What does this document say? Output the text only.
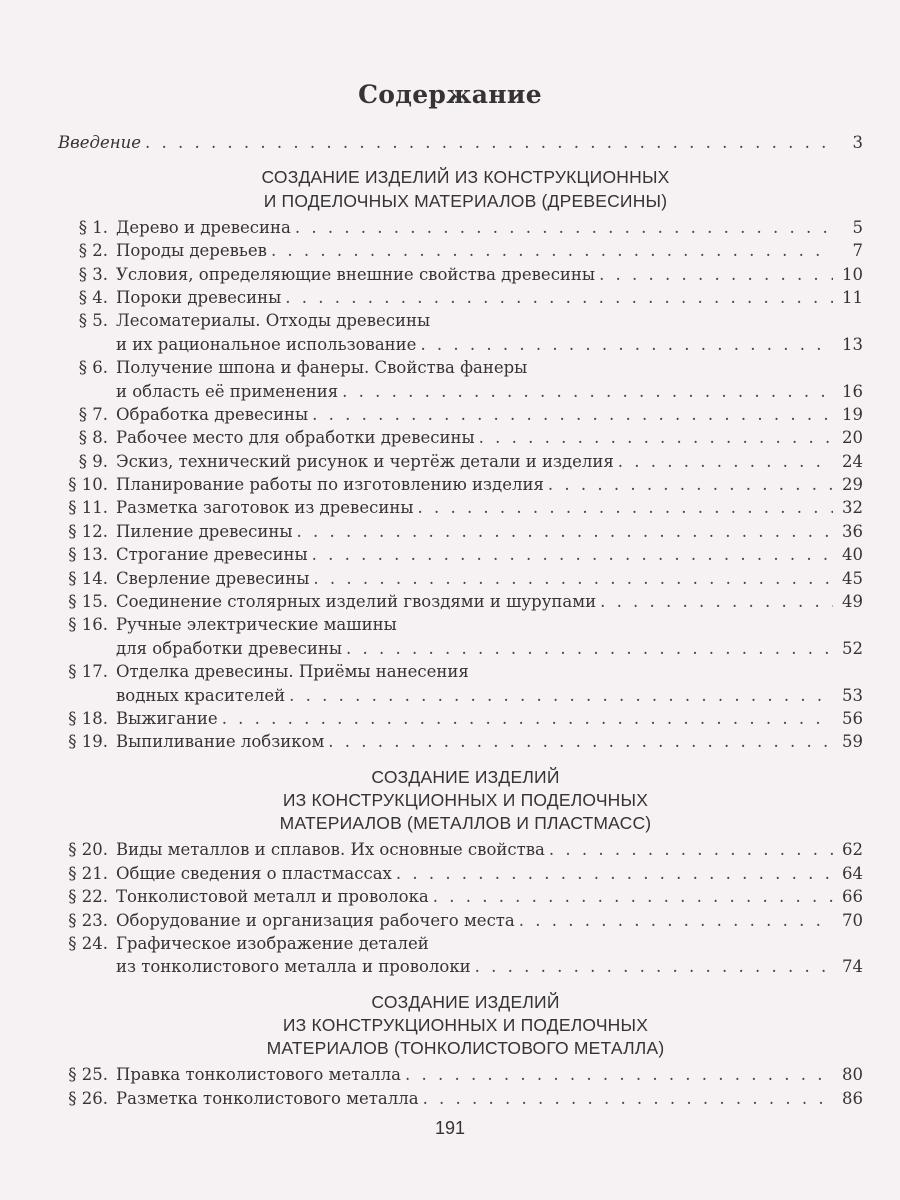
Содержание
Введение . . .	3
СОЗДАНИЕ ИЗДЕЛИЙ ИЗ КОНСТРУКЦИОННЫХ
И ПОДЕЛОЧНЫХ МАТЕРИАЛОВ (ДРЕВЕСИНЫ)
§ 1. Дерево и древесина . . .	5
§ 2. Породы деревьев . . .	7
§ 3. Условия, определяющие внешние свойства древесины . . .	10
§ 4. Пороки древесины . . .	11
§ 5. Лесоматериалы. Отходы древесины
и их рациональное использование . . .	13
§ 6. Получение шпона и фанеры. Свойства фанеры
и область её применения . . .	16
§ 7. Обработка древесины . . .	19
§ 8. Рабочее место для обработки древесины . . .	20
§ 9. Эскиз, технический рисунок и чертёж детали и изделия . . .	24
§ 10. Планирование работы по изготовлению изделия . . .	29
§ 11. Разметка заготовок из древесины . . .	32
§ 12. Пиление древесины . . .	36
§ 13. Строгание древесины . . .	40
§ 14. Сверление древесины . . .	45
§ 15. Соединение столярных изделий гвоздями и шурупами . . .	49
§ 16. Ручные электрические машины
для обработки древесины . . .	52
§ 17. Отделка древесины. Приёмы нанесения
водных красителей . . .	53
§ 18. Выжигание . . .	56
§ 19. Выпиливание лобзиком . . .	59
СОЗДАНИЕ ИЗДЕЛИЙ
ИЗ КОНСТРУКЦИОННЫХ И ПОДЕЛОЧНЫХ
МАТЕРИАЛОВ (МЕТАЛЛОВ И ПЛАСТМАСС)
§ 20. Виды металлов и сплавов. Их основные свойства . . .	62
§ 21. Общие сведения о пластмассах . . .	64
§ 22. Тонколистовой металл и проволока . . .	66
§ 23. Оборудование и организация рабочего места . . .	70
§ 24. Графическое изображение деталей
из тонколистового металла и проволоки . . .	74
СОЗДАНИЕ ИЗДЕЛИЙ
ИЗ КОНСТРУКЦИОННЫХ И ПОДЕЛОЧНЫХ
МАТЕРИАЛОВ (ТОНКОЛИСТОВОГО МЕТАЛЛА)
§ 25. Правка тонколистового металла . . .	80
§ 26. Разметка тонколистового металла . . .	86
191
